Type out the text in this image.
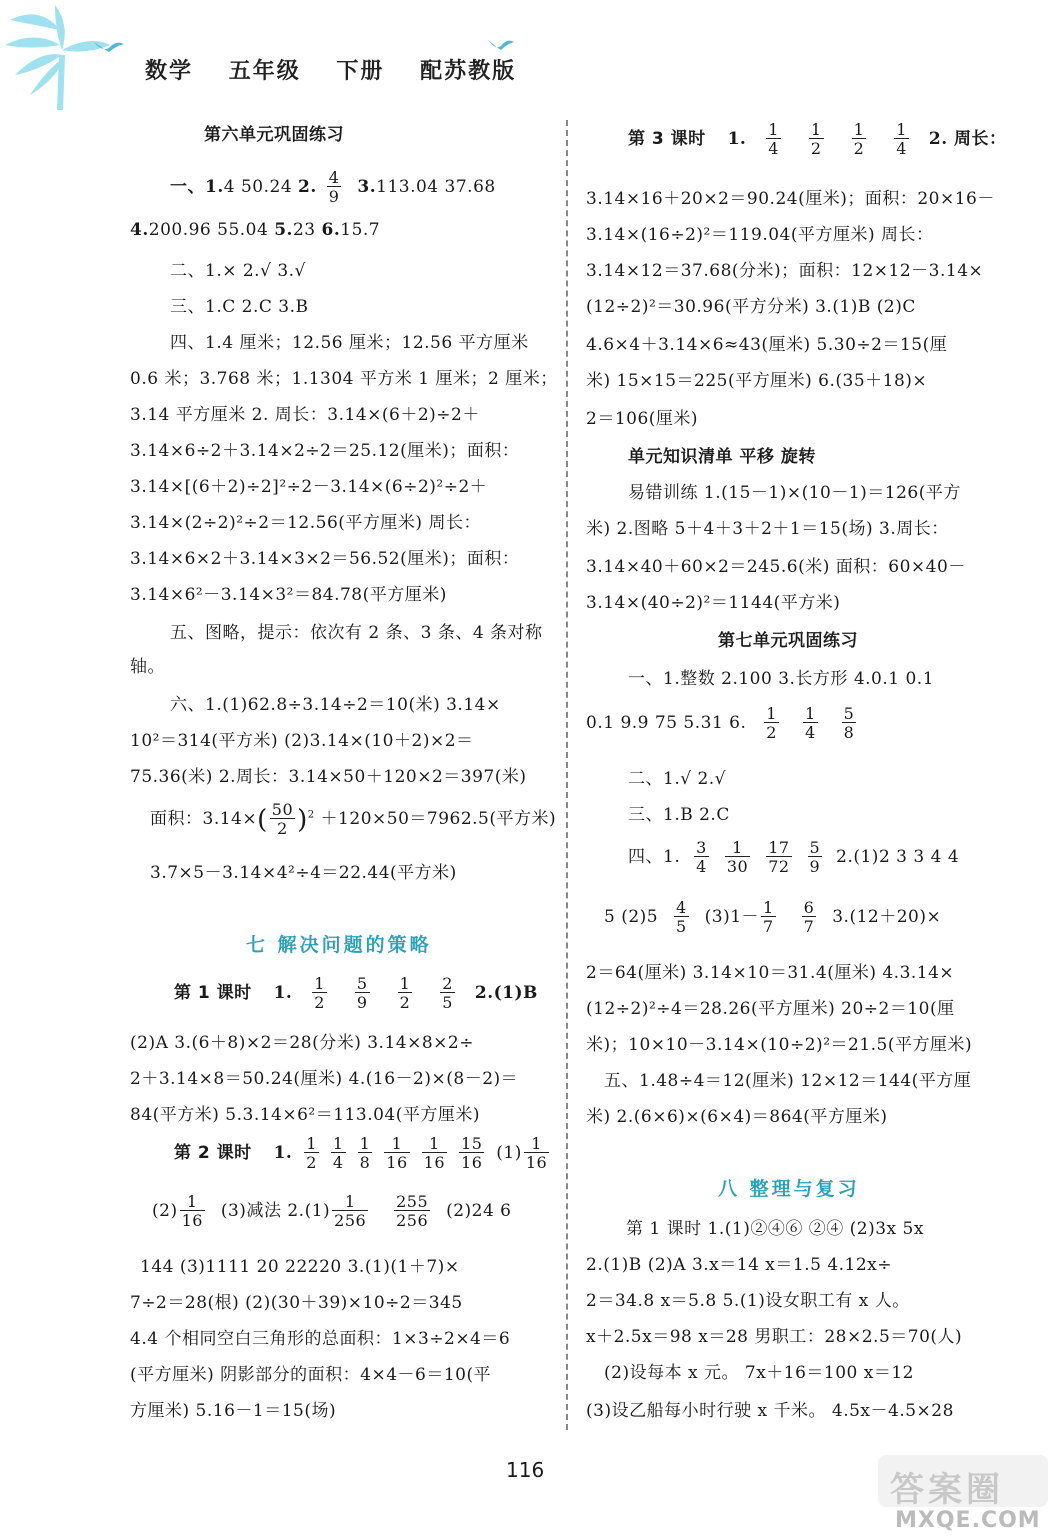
数学 五年级 下册 配苏教版
第六单元巩固练习
一、1.4 50.24 2. $\frac{4}{9} 3.113.04$ 37.68
4.200.96 55.04 5.23 6.15.7
二、1.× 2.√ 3.√
三、1.C 2.C 3.B
四、1.4 厘米；12.56 厘米；12.56 平方厘米
0.6 米；3.768 米；1.1304 平方米 1 厘米；2 厘米；
3.14 平方厘米 2. 周长：3.14×(6＋2)÷2＋
3.14×6÷2＋3.14×2÷2＝25.12(厘米)；面积：
3.14×[(6＋2)÷2]²÷2－3.14×(6÷2)²÷2＋
3.14×(2÷2)²÷2＝12.56(平方厘米) 周长：
3.14×6×2＋3.14×3×2＝56.52(厘米)；面积：
3.14×6²－3.14×3²＝84.78(平方厘米)
五、图略，提示：依次有 2 条、3 条、4 条对称
轴。
六、1.(1)62.8÷3.14÷2＝10(米) 3.14×
10²＝314(平方米) (2)3.14×(10＋2)×2＝
75.36(米) 2.周长：3.14×50＋120×2＝397(米)
面积：$3.14\times( \frac{50}{2} )^2 +120\times 50=7962.5$(平方米)
3.7×5－3.14×4²÷4＝22.44(平方米)
七 解决问题的策略
第 1 课时 1. $\frac{1}{2} \frac{5}{9} \frac{1}{2} \frac{2}{5} 2.(1)B$
(2)A 3.(6＋8)×2＝28(分米) 3.14×8×2÷
2＋3.14×8＝50.24(厘米) 4.(16－2)×(8－2)＝
84(平方米) 5.3.14×6²＝113.04(平方厘米)
第 2 课时 1. $\frac{1}{2} \frac{1}{4} \frac{1}{8} \frac{1}{16} \frac{1}{16} \frac{15}{16} (1) \frac{1}{16}$
$(2) \frac{1}{16} (3)$减法 $2.(1) \frac{1}{256}$
$\frac{255}{256} (2)24$ 6
144 (3)1111 20 22220 3.(1)(1＋7)×
7÷2＝28(根) (2)(30＋39)×10÷2＝345
4.4 个相同空白三角形的总面积：1×3÷2×4＝6
(平方厘米) 阴影部分的面积：4×4－6＝10(平
方厘米) 5.16－1＝15(场)
第 3 课时 1. $\frac{1}{4} \frac{1}{2} \frac{1}{2} \frac{1}{4} 2$. 周长：
3.14×16＋20×2＝90.24(厘米)；面积：20×16－
3.14×(16÷2)²＝119.04(平方厘米) 周长：
3.14×12＝37.68(分米)；面积：12×12－3.14×
(12÷2)²＝30.96(平方分米) 3.(1)B (2)C
4.6×4＋3.14×6≈43(厘米) 5.30÷2＝15(厘
米) 15×15＝225(平方厘米) 6.(35＋18)×
2＝106(厘米)
单元知识清单 平移 旋转
易错训练 1.(15－1)×(10－1)＝126(平方
米) 2.图略 5＋4＋3＋2＋1＝15(场) 3.周长：
3.14×40＋60×2＝245.6(米) 面积：60×40－
3.14×(40÷2)²＝1144(平方米)
第七单元巩固练习
一、1.整数 2.100 3.长方形 4.0.1 0.1
0.1 9.9 75 5.31 6. $\frac{1}{2} \frac{1}{4} \frac{5}{8}$
二、1.√ 2.√
三、1.B 2.C
四、1. $\frac{3}{4} \frac{1}{30} \frac{17}{72} \frac{5}{9} 2.(1)2$ 3 3 4 4
5 $(2)5 \frac{4}{5} (3)1- \frac{1}{7}$
$\frac{6}{7} 3.(12+20)\times$
2＝64(厘米) 3.14×10＝31.4(厘米) 4.3.14×
(12÷2)²÷4＝28.26(平方厘米) 20÷2＝10(厘
米)；10×10－3.14×(10÷2)²＝21.5(平方厘米)
五、1.48÷4＝12(厘米) 12×12＝144(平方厘
米) 2.(6×6)×(6×4)＝864(平方厘米)
八 整理与复习
第 1 课时 1.(1)②④⑥ ②④ (2)3x 5x
2.(1)B (2)A 3.x＝14 x＝1.5 4.12x÷
2＝34.8 x＝5.8 5.(1)设女职工有 x 人。
x＋2.5x＝98 x＝28 男职工：28×2.5＝70(人)
(2)设每本 x 元。 7x＋16＝100 x＝12
(3)设乙船每小时行驶 x 千米。 4.5x－4.5×28
116	答案圈
MXQE.COM
